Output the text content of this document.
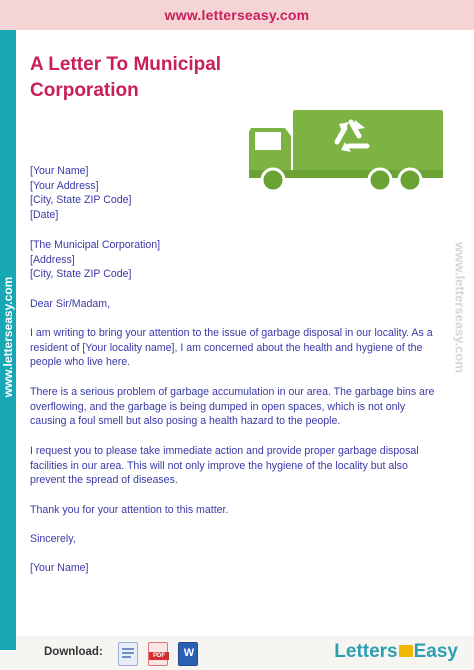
www.letterseasy.com
www.letterseasy.com	www.letterseasy.com
A Letter To Municipal
Corporation
[Your Name]
[Your Address]
[City, State ZIP Code]
[Date]
[The Municipal Corporation]
[Address]
[City, State ZIP Code]
Dear Sir/Madam,
I am writing to bring your attention to the issue of garbage disposal in our locality. As a resident of [Your locality name], I am concerned about the health and hygiene of the people who live here.
There is a serious problem of garbage accumulation in our area. The garbage bins are overflowing, and the garbage is being dumped in open spaces, which is not only causing a foul smell but also posing a health hazard to the people.
I request you to please take immediate action and provide proper garbage disposal facilities in our area. This will not only improve the hygiene of the locality but also prevent the spread of diseases.
Thank you for your attention to this matter.
Sincerely,
[Your Name]
Download:	PDF	W	Letters Easy
